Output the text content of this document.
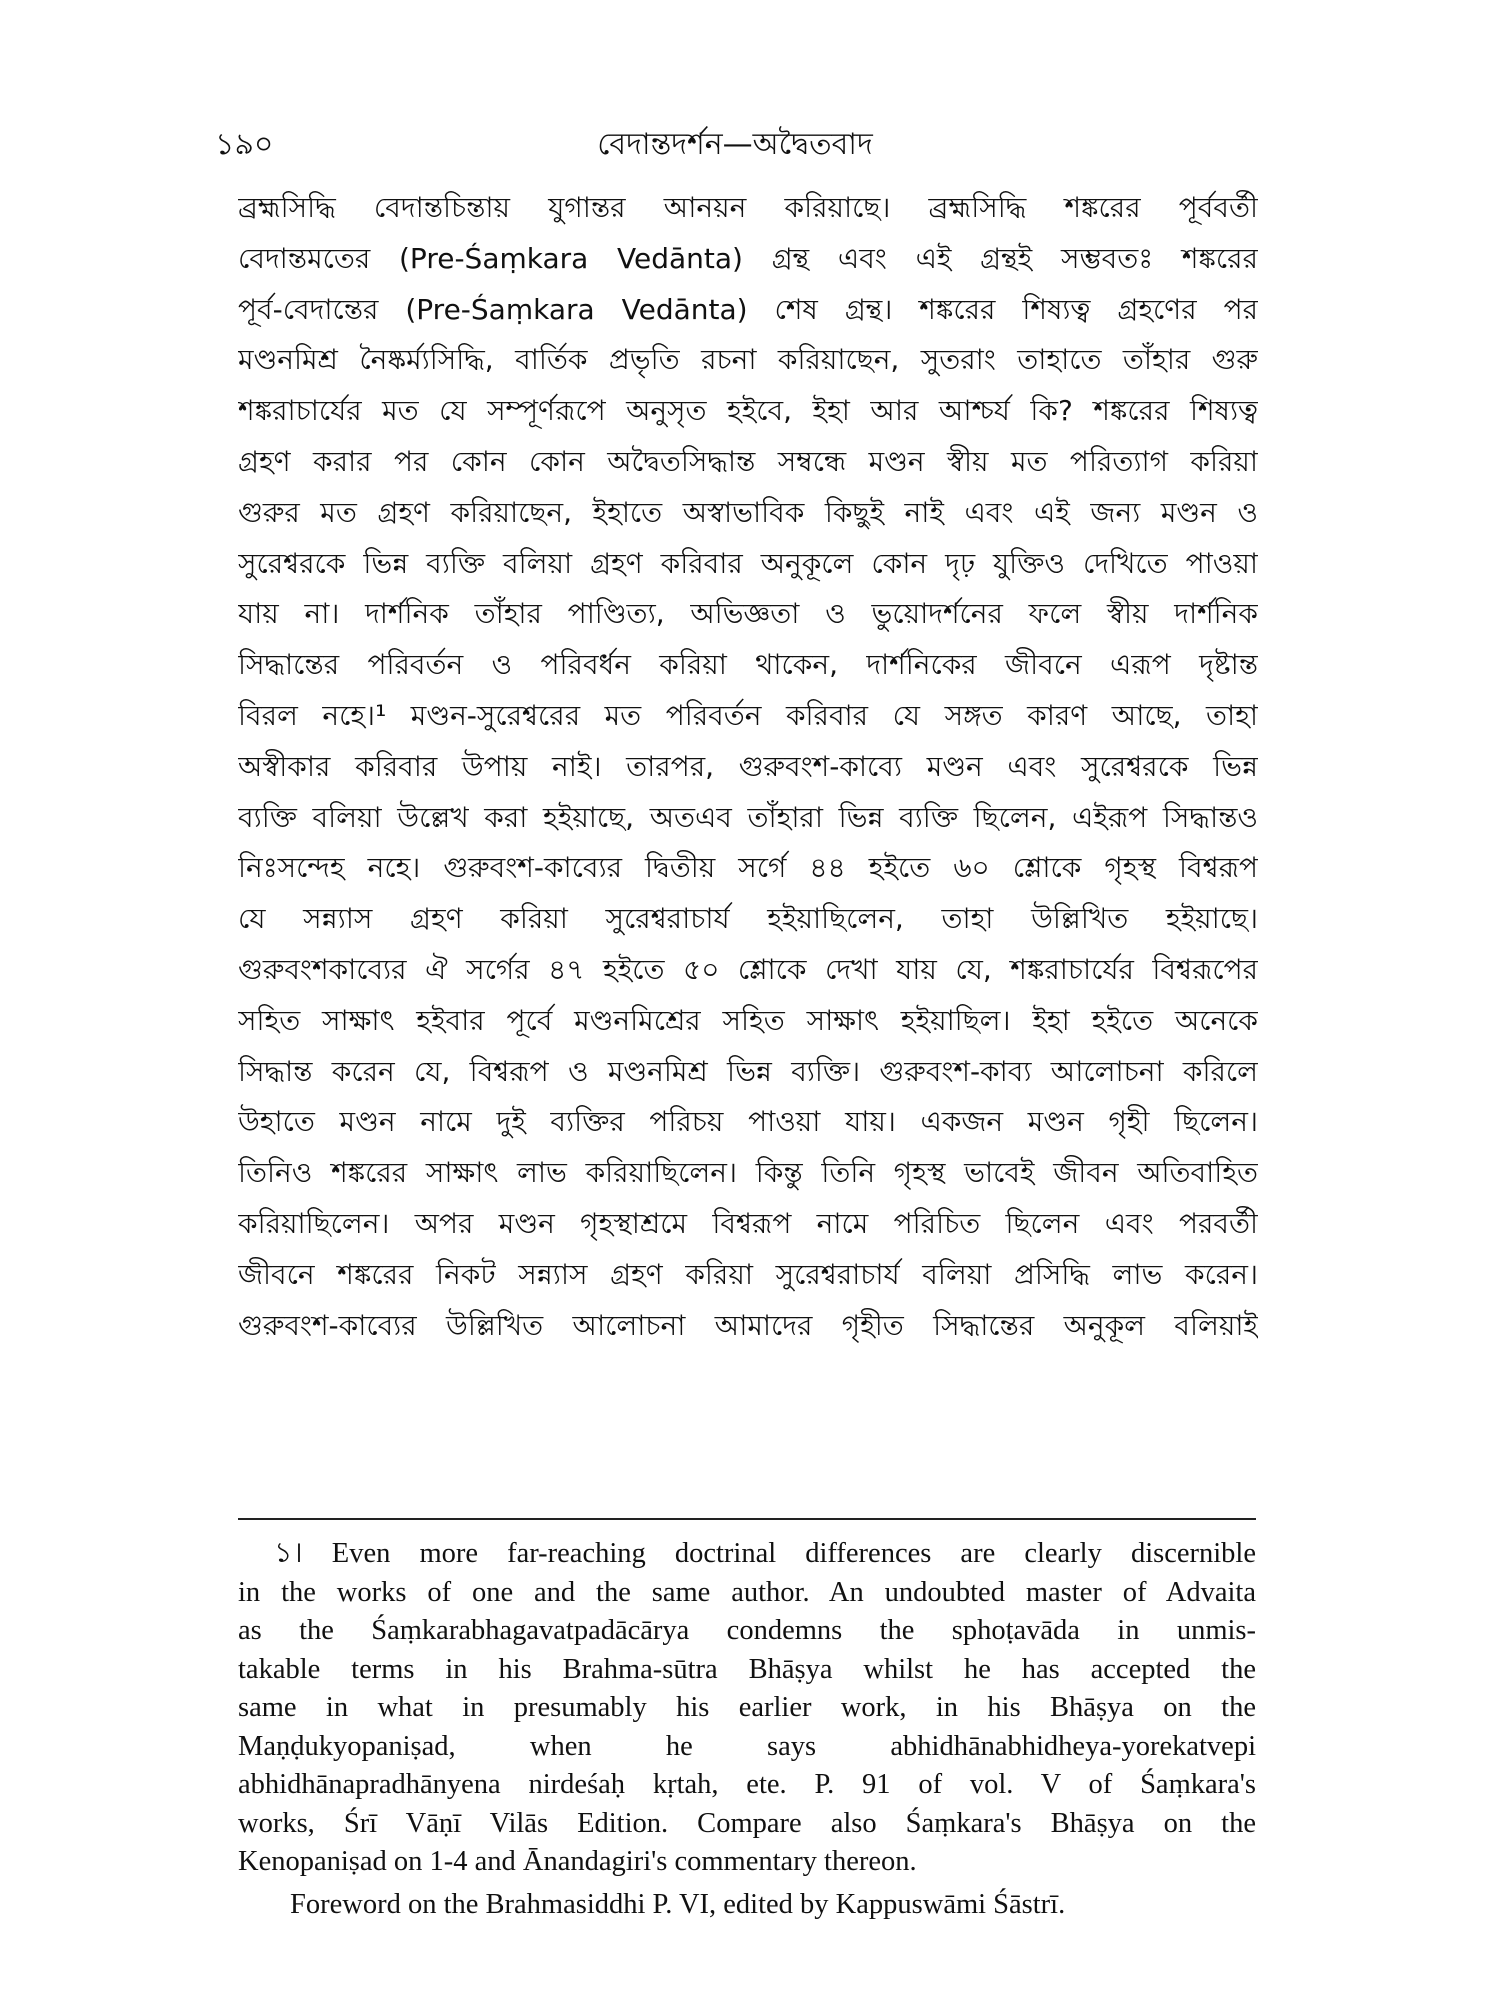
১৯০	বেদান্তদর্শন—অদ্বৈতবাদ
ব্রহ্মসিদ্ধি বেদান্তচিন্তায় যুগান্তর আনয়ন করিয়াছে। ব্রহ্মসিদ্ধি শঙ্করের পূর্ববর্তী
বেদান্তমতের (Pre-Śaṃkara Vedānta) গ্রন্থ এবং এই গ্রন্থই সম্ভবতঃ শঙ্করের
পূর্ব-বেদান্তের (Pre-Śaṃkara Vedānta) শেষ গ্রন্থ। শঙ্করের শিষ্যত্ব গ্রহণের পর
মণ্ডনমিশ্র নৈষ্কর্ম্যসিদ্ধি, বার্তিক প্রভৃতি রচনা করিয়াছেন, সুতরাং তাহাতে তাঁহার গুরু
শঙ্করাচার্যের মত যে সম্পূর্ণরূপে অনুসৃত হইবে, ইহা আর আশ্চর্য কি? শঙ্করের শিষ্যত্ব
গ্রহণ করার পর কোন কোন অদ্বৈতসিদ্ধান্ত সম্বন্ধে মণ্ডন স্বীয় মত পরিত্যাগ করিয়া
গুরুর মত গ্রহণ করিয়াছেন, ইহাতে অস্বাভাবিক কিছুই নাই এবং এই জন্য মণ্ডন ও
সুরেশ্বরকে ভিন্ন ব্যক্তি বলিয়া গ্রহণ করিবার অনুকূলে কোন দৃঢ় যুক্তিও দেখিতে পাওয়া
যায় না। দার্শনিক তাঁহার পাণ্ডিত্য, অভিজ্ঞতা ও ভুয়োদর্শনের ফলে স্বীয় দার্শনিক
সিদ্ধান্তের পরিবর্তন ও পরিবর্ধন করিয়া থাকেন, দার্শনিকের জীবনে এরূপ দৃষ্টান্ত
বিরল নহে।¹ মণ্ডন-সুরেশ্বরের মত পরিবর্তন করিবার যে সঙ্গত কারণ আছে, তাহা
অস্বীকার করিবার উপায় নাই। তারপর, গুরুবংশ-কাব্যে মণ্ডন এবং সুরেশ্বরকে ভিন্ন
ব্যক্তি বলিয়া উল্লেখ করা হইয়াছে, অতএব তাঁহারা ভিন্ন ব্যক্তি ছিলেন, এইরূপ সিদ্ধান্তও
নিঃসন্দেহ নহে। গুরুবংশ-কাব্যের দ্বিতীয় সর্গে ৪৪ হইতে ৬০ শ্লোকে গৃহস্থ বিশ্বরূপ
যে সন্ন্যাস গ্রহণ করিয়া সুরেশ্বরাচার্য হইয়াছিলেন, তাহা উল্লিখিত হইয়াছে।
গুরুবংশকাব্যের ঐ সর্গের ৪৭ হইতে ৫০ শ্লোকে দেখা যায় যে, শঙ্করাচার্যের বিশ্বরূপের
সহিত সাক্ষাৎ হইবার পূর্বে মণ্ডনমিশ্রের সহিত সাক্ষাৎ হইয়াছিল। ইহা হইতে অনেকে
সিদ্ধান্ত করেন যে, বিশ্বরূপ ও মণ্ডনমিশ্র ভিন্ন ব্যক্তি। গুরুবংশ-কাব্য আলোচনা করিলে
উহাতে মণ্ডন নামে দুই ব্যক্তির পরিচয় পাওয়া যায়। একজন মণ্ডন গৃহী ছিলেন।
তিনিও শঙ্করের সাক্ষাৎ লাভ করিয়াছিলেন। কিন্তু তিনি গৃহস্থ ভাবেই জীবন অতিবাহিত
করিয়াছিলেন। অপর মণ্ডন গৃহস্থাশ্রমে বিশ্বরূপ নামে পরিচিত ছিলেন এবং পরবর্তী
জীবনে শঙ্করের নিকট সন্ন্যাস গ্রহণ করিয়া সুরেশ্বরাচার্য বলিয়া প্রসিদ্ধি লাভ করেন।
গুরুবংশ-কাব্যের উল্লিখিত আলোচনা আমাদের গৃহীত সিদ্ধান্তের অনুকূল বলিয়াই
১। Even more far-reaching doctrinal differences are clearly discernible
in the works of one and the same author. An undoubted master of Advaita
as the Śaṃkarabhagavatpadācārya condemns the sphoṭavāda in unmis-
takable terms in his Brahma-sūtra Bhāṣya whilst he has accepted the
same in what in presumably his earlier work, in his Bhāṣya on the
Maṇḍukyopaniṣad, when he says abhidhānabhidheya-yorekatvepi
abhidhānapradhānyena nirdeśaḥ kṛtah, ete. P. 91 of vol. V of Śaṃkara's
works, Śrī Vāṇī Vilās Edition. Compare also Śaṃkara's Bhāṣya on the
Kenopaniṣad on 1-4 and Ānandagiri's commentary thereon.
Foreword on the Brahmasiddhi P. VI, edited by Kappuswāmi Śāstrī.
